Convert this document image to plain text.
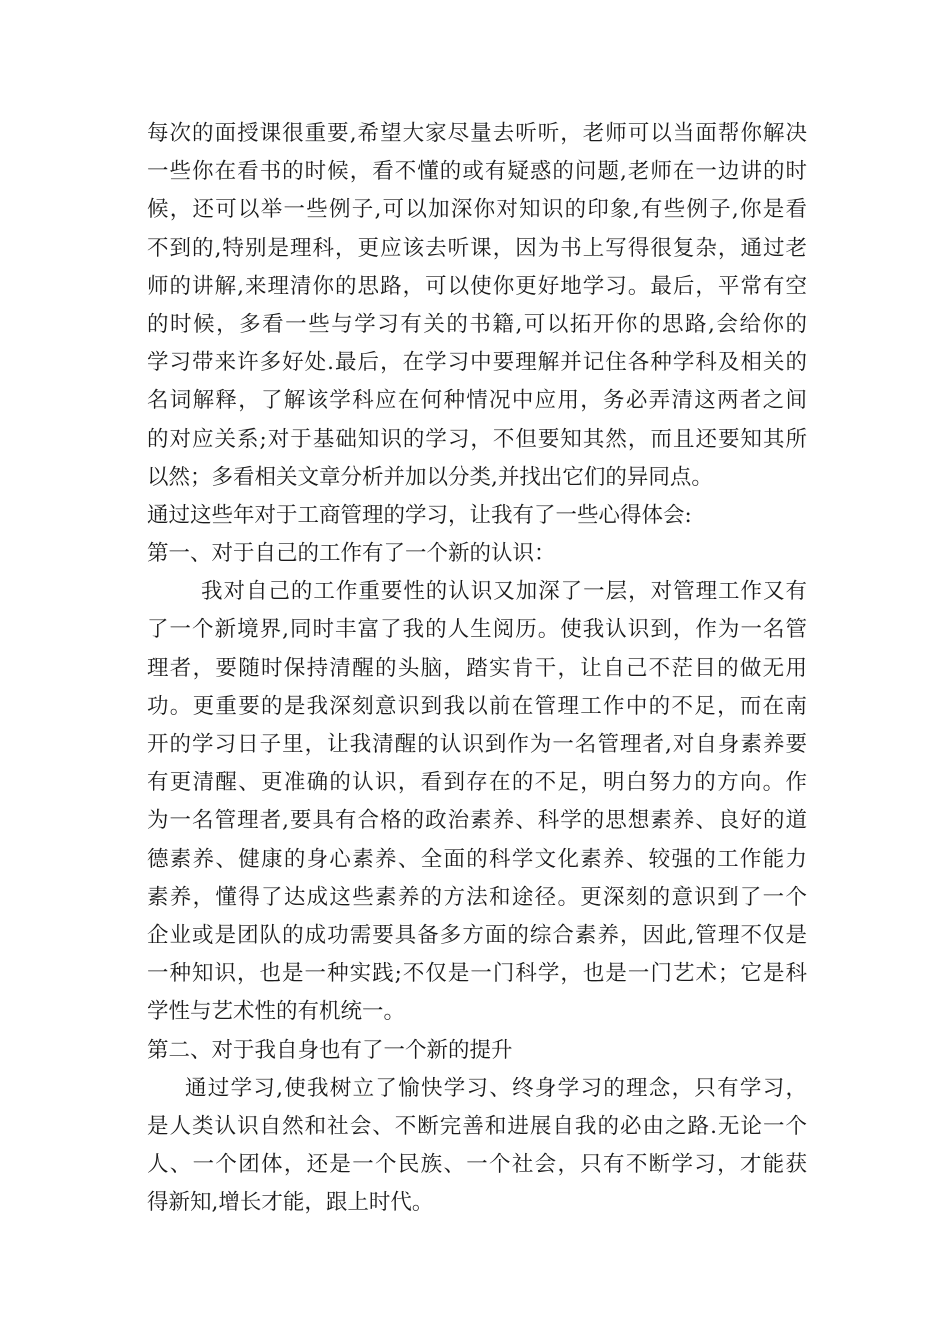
每次的面授课很重要,希望大家尽量去听听，老师可以当面帮你解决
一些你在看书的时候，看不懂的或有疑惑的问题,老师在一边讲的时
候，还可以举一些例子,可以加深你对知识的印象,有些例子,你是看
不到的,特别是理科，更应该去听课，因为书上写得很复杂，通过老
师的讲解,来理清你的思路，可以使你更好地学习。最后，平常有空
的时候，多看一些与学习有关的书籍,可以拓开你的思路,会给你的
学习带来许多好处.最后，在学习中要理解并记住各种学科及相关的
名词解释，了解该学科应在何种情况中应用，务必弄清这两者之间
的对应关系;对于基础知识的学习，不但要知其然，而且还要知其所
以然；多看相关文章分析并加以分类,并找出它们的异同点。
通过这些年对于工商管理的学习，让我有了一些心得体会:
第一、对于自己的工作有了一个新的认识：
我对自己的工作重要性的认识又加深了一层，对管理工作又有
了一个新境界,同时丰富了我的人生阅历。使我认识到，作为一名管
理者，要随时保持清醒的头脑，踏实肯干，让自己不茫目的做无用
功。更重要的是我深刻意识到我以前在管理工作中的不足，而在南
开的学习日子里，让我清醒的认识到作为一名管理者,对自身素养要
有更清醒、更准确的认识，看到存在的不足，明白努力的方向。作
为一名管理者,要具有合格的政治素养、科学的思想素养、良好的道
德素养、健康的身心素养、全面的科学文化素养、较强的工作能力
素养，懂得了达成这些素养的方法和途径。更深刻的意识到了一个
企业或是团队的成功需要具备多方面的综合素养，因此,管理不仅是
一种知识，也是一种实践;不仅是一门科学，也是一门艺术；它是科
学性与艺术性的有机统一。
第二、对于我自身也有了一个新的提升
通过学习,使我树立了愉快学习、终身学习的理念，只有学习，
是人类认识自然和社会、不断完善和进展自我的必由之路.无论一个
人、一个团体，还是一个民族、一个社会，只有不断学习，才能获
得新知,增长才能，跟上时代。
